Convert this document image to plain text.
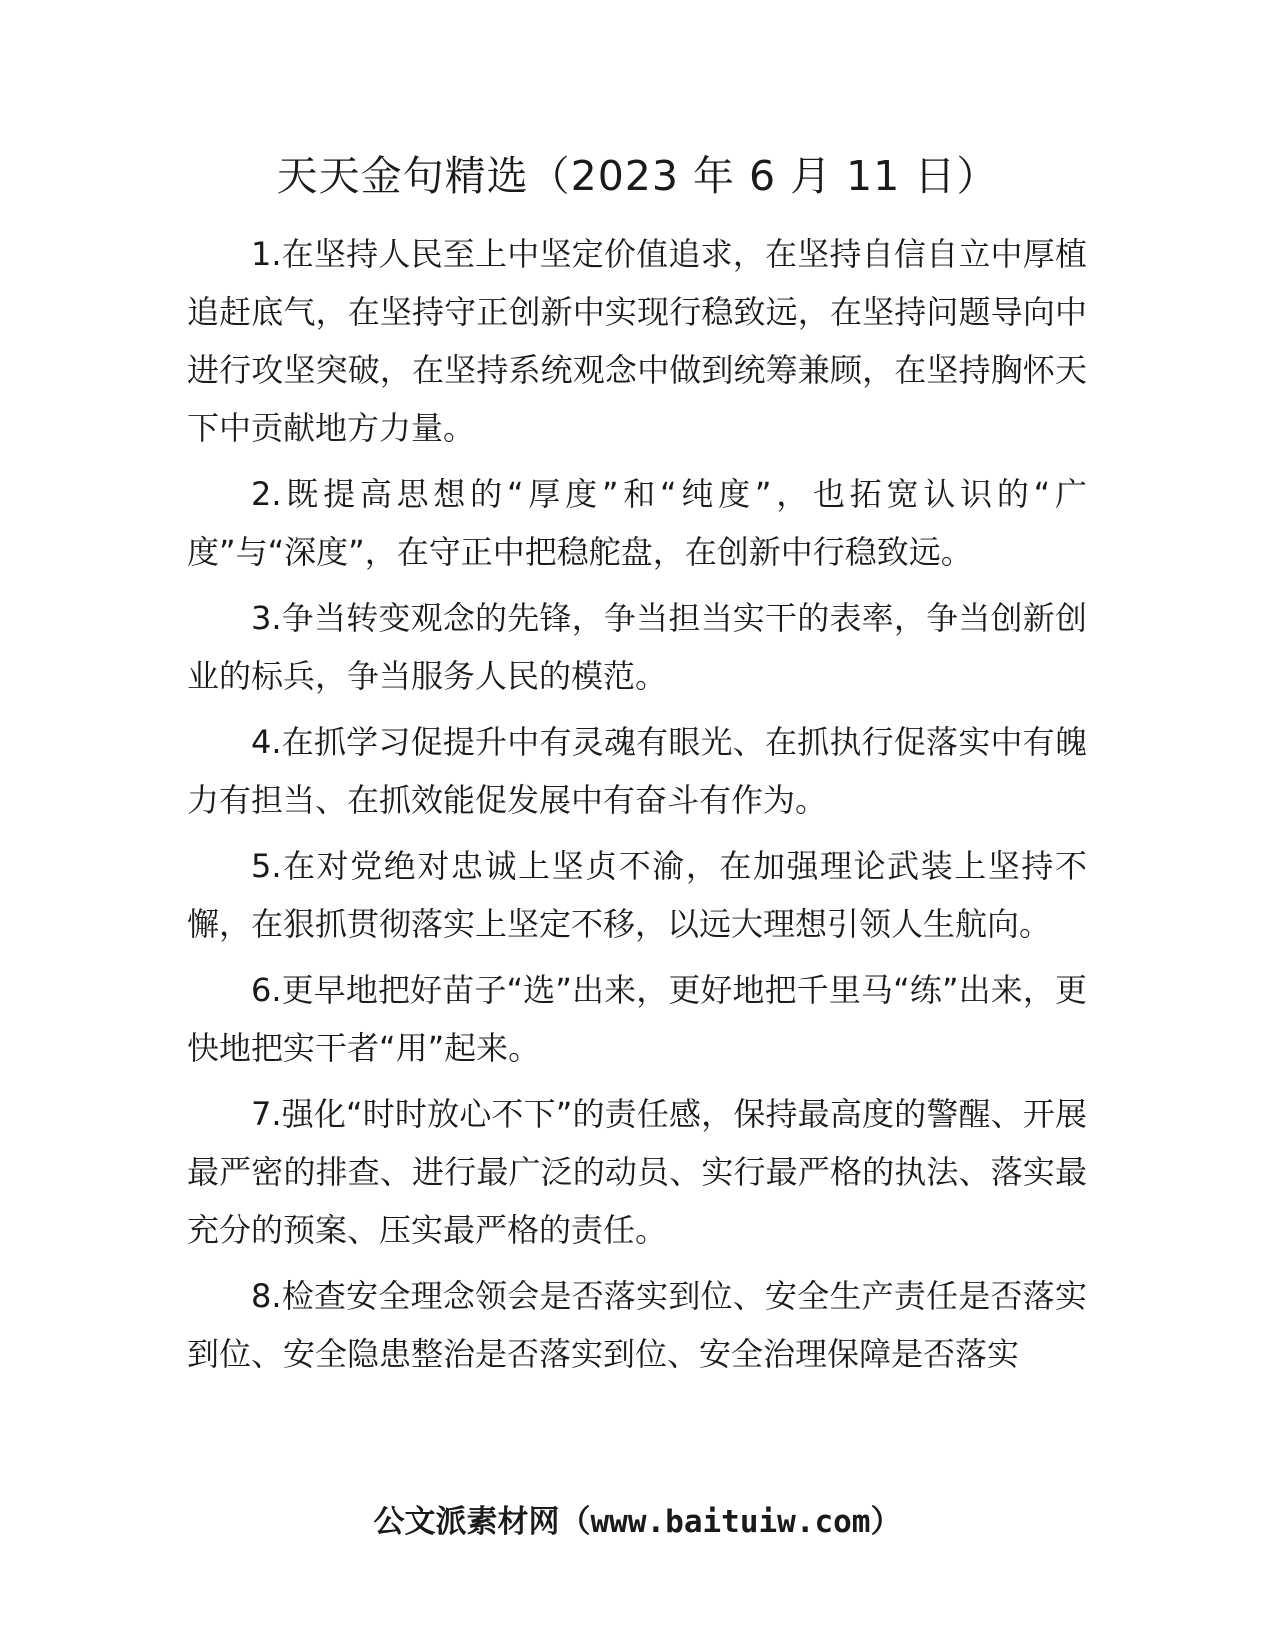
天天金句精选（2023 年 6 月 11 日）

1.在坚持人民至上中坚定价值追求，在坚持自信自立中厚植追赶底气，在坚持守正创新中实现行稳致远，在坚持问题导向中进行攻坚突破，在坚持系统观念中做到统筹兼顾，在坚持胸怀天下中贡献地方力量。

2.既提高思想的“厚度”和“纯度”，也拓宽认识的“广度”与“深度”，在守正中把稳舵盘，在创新中行稳致远。

3.争当转变观念的先锋，争当担当实干的表率，争当创新创业的标兵，争当服务人民的模范。

4.在抓学习促提升中有灵魂有眼光、在抓执行促落实中有魄力有担当、在抓效能促发展中有奋斗有作为。

5.在对党绝对忠诚上坚贞不渝，在加强理论武装上坚持不懈，在狠抓贯彻落实上坚定不移，以远大理想引领人生航向。

6.更早地把好苗子“选”出来，更好地把千里马“练”出来，更快地把实干者“用”起来。

7.强化“时时放心不下”的责任感，保持最高度的警醒、开展最严密的排查、进行最广泛的动员、实行最严格的执法、落实最充分的预案、压实最严格的责任。

8.检查安全理念领会是否落实到位、安全生产责任是否落实到位、安全隐患整治是否落实到位、安全治理保障是否落实

公文派素材网（www.baituiw.com）
